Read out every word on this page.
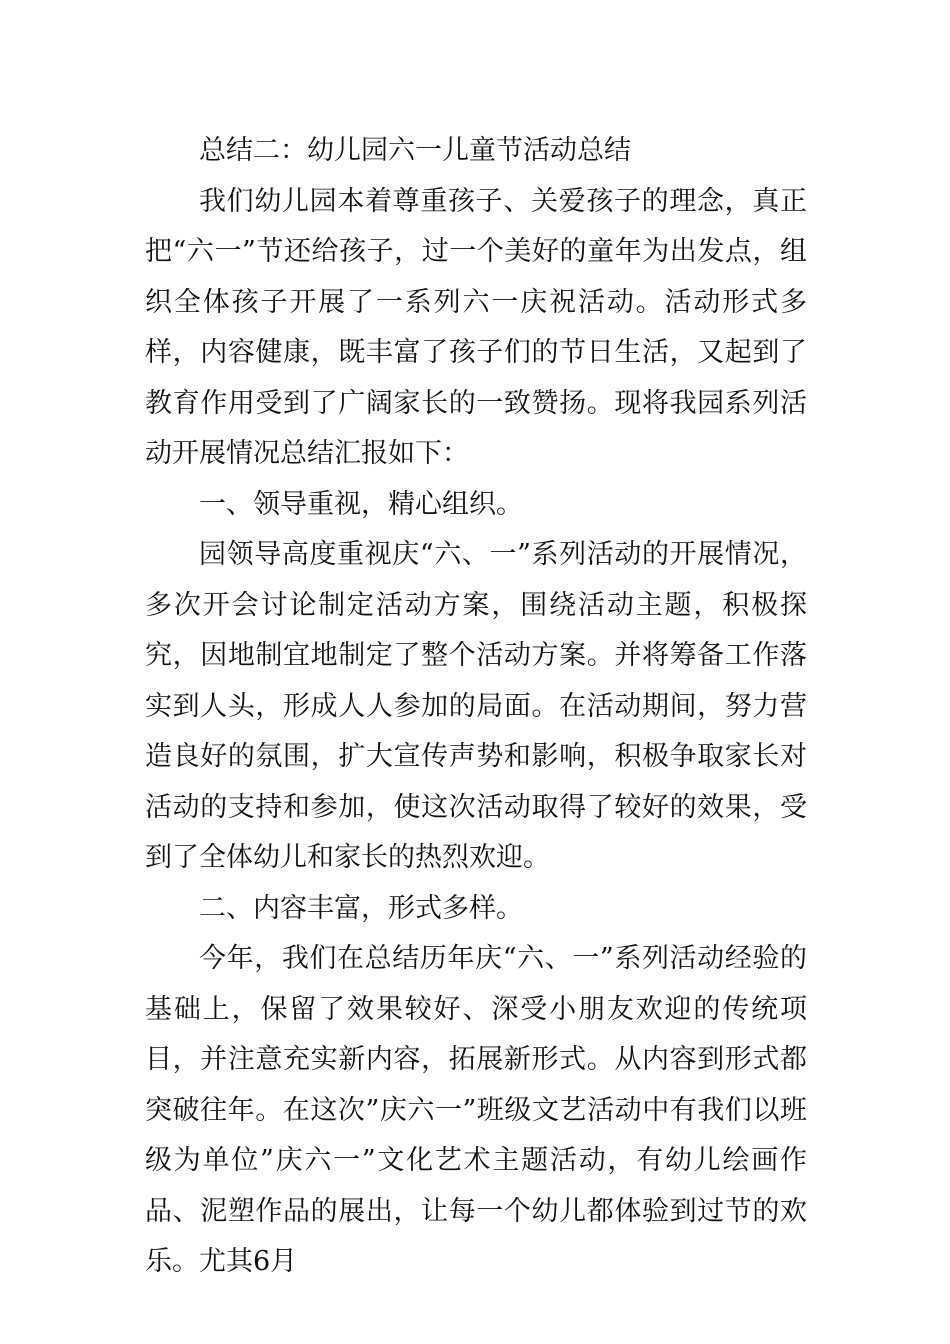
总结二：幼儿园六一儿童节活动总结

我们幼儿园本着尊重孩子、关爱孩子的理念，真正把“六一”节还给孩子，过一个美好的童年为出发点，组织全体孩子开展了一系列六一庆祝活动。活动形式多样，内容健康，既丰富了孩子们的节日生活，又起到了教育作用受到了广阔家长的一致赞扬。现将我园系列活动开展情况总结汇报如下：

一、领导重视，精心组织。

园领导高度重视庆“六、一”系列活动的开展情况，多次开会讨论制定活动方案，围绕活动主题，积极探究，因地制宜地制定了整个活动方案。并将筹备工作落实到人头，形成人人参加的局面。在活动期间，努力营造良好的氛围，扩大宣传声势和影响，积极争取家长对活动的支持和参加，使这次活动取得了较好的效果，受到了全体幼儿和家长的热烈欢迎。

二、内容丰富，形式多样。

今年，我们在总结历年庆“六、一”系列活动经验的基础上，保留了效果较好、深受小朋友欢迎的传统项目，并注意充实新内容，拓展新形式。从内容到形式都突破往年。在这次”庆六一”班级文艺活动中有我们以班级为单位”庆六一”文化艺术主题活动，有幼儿绘画作品、泥塑作品的展出，让每一个幼儿都体验到过节的欢乐。尤其6月
